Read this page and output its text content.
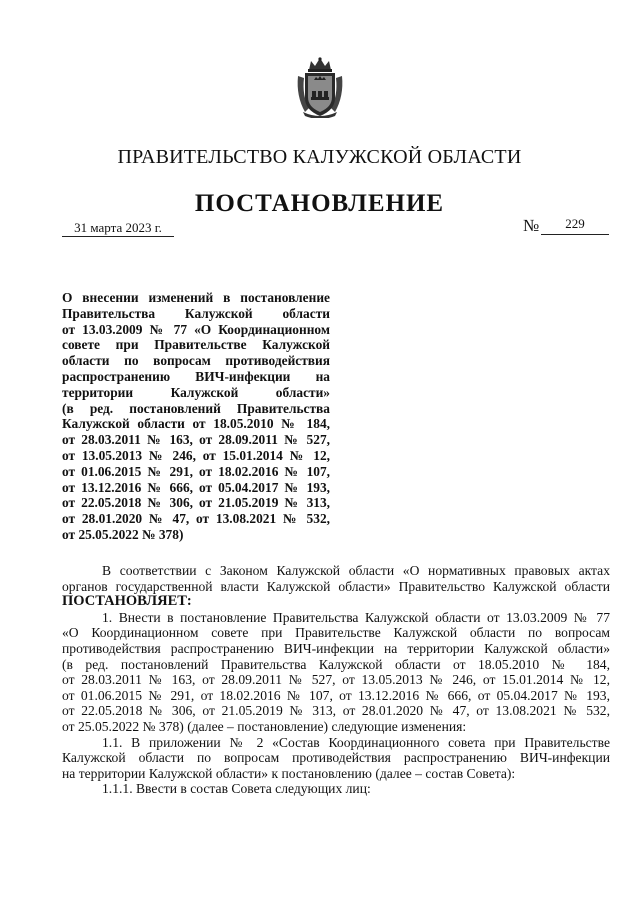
ПРАВИТЕЛЬСТВО КАЛУЖСКОЙ ОБЛАСТИ
ПОСТАНОВЛЕНИЕ
31 марта 2023 г.	№	229
О внесении изменений в постановление
Правительства Калужской области
от 13.03.2009 № 77 «О Координационном
совете при Правительстве Калужской
области по вопросам противодействия
распространению ВИЧ-инфекции на
территории Калужской области»
(в ред. постановлений Правительства
Калужской области от 18.05.2010 № 184,
от 28.03.2011 № 163, от 28.09.2011 № 527,
от 13.05.2013 № 246, от 15.01.2014 № 12,
от 01.06.2015 № 291, от 18.02.2016 № 107,
от 13.12.2016 № 666, от 05.04.2017 № 193,
от 22.05.2018 № 306, от 21.05.2019 № 313,
от 28.01.2020 № 47, от 13.08.2021 № 532,
от 25.05.2022 № 378)
В соответствии с Законом Калужской области «О нормативных правовых актах
органов государственной власти Калужской области» Правительство Калужской области
ПОСТАНОВЛЯЕТ:
1. Внести в постановление Правительства Калужской области от 13.03.2009 № 77
«О Координационном совете при Правительстве Калужской области по вопросам
противодействия распространению ВИЧ-инфекции на территории Калужской области»
(в ред. постановлений Правительства Калужской области от 18.05.2010 № 184,
от 28.03.2011 № 163, от 28.09.2011 № 527, от 13.05.2013 № 246, от 15.01.2014 № 12,
от 01.06.2015 № 291, от 18.02.2016 № 107, от 13.12.2016 № 666, от 05.04.2017 № 193,
от 22.05.2018 № 306, от 21.05.2019 № 313, от 28.01.2020 № 47, от 13.08.2021 № 532,
от 25.05.2022 № 378) (далее – постановление) следующие изменения:
1.1. В приложении № 2 «Состав Координационного совета при Правительстве
Калужской области по вопросам противодействия распространению ВИЧ-инфекции
на территории Калужской области» к постановлению (далее – состав Совета):
1.1.1. Ввести в состав Совета следующих лиц:
